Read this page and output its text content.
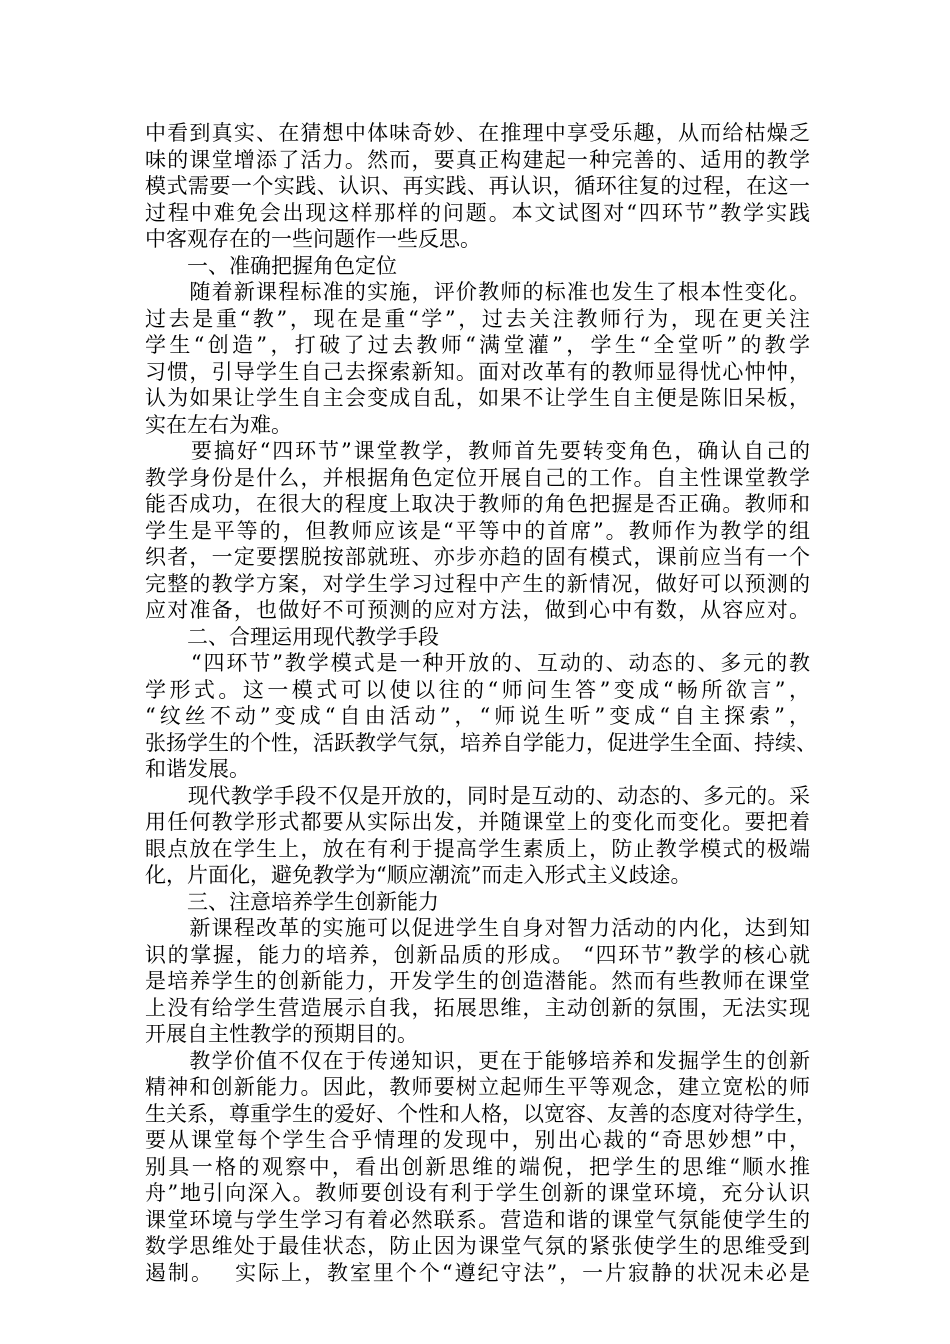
中看到真实、在猜想中体味奇妙、在推理中享受乐趣，从而给枯燥乏
味的课堂增添了活力。然而，要真正构建起一种完善的、适用的教学
模式需要一个实践、认识、再实践、再认识，循环往复的过程，在这一
过程中难免会出现这样那样的问题。本文试图对“四环节”教学实践
中客观存在的一些问题作一些反思。
　　一、准确把握角色定位
　　随着新课程标准的实施，评价教师的标准也发生了根本性变化。
过去是重“教”，现在是重“学”，过去关注教师行为，现在更关注
学生“创造”，打破了过去教师“满堂灌”，学生“全堂听”的教学
习惯，引导学生自己去探索新知。面对改革有的教师显得忧心忡忡，
认为如果让学生自主会变成自乱，如果不让学生自主便是陈旧呆板，
实在左右为难。
　　要搞好“四环节”课堂教学，教师首先要转变角色，确认自己的
教学身份是什么，并根据角色定位开展自己的工作。自主性课堂教学
能否成功，在很大的程度上取决于教师的角色把握是否正确。教师和
学生是平等的，但教师应该是“平等中的首席”。教师作为教学的组
织者，一定要摆脱按部就班、亦步亦趋的固有模式，课前应当有一个
完整的教学方案，对学生学习过程中产生的新情况，做好可以预测的
应对准备，也做好不可预测的应对方法，做到心中有数，从容应对。
　　二、合理运用现代教学手段
　　“四环节”教学模式是一种开放的、互动的、动态的、多元的教
学形式。这一模式可以使以往的“师问生答”变成“畅所欲言”，
“纹丝不动”变成“自由活动”，“师说生听”变成“自主探索”，
张扬学生的个性，活跃教学气氛，培养自学能力，促进学生全面、持续、
和谐发展。
　　现代教学手段不仅是开放的，同时是互动的、动态的、多元的。采
用任何教学形式都要从实际出发，并随课堂上的变化而变化。要把着
眼点放在学生上，放在有利于提高学生素质上，防止教学模式的极端
化，片面化，避免教学为“顺应潮流”而走入形式主义歧途。
　　三、注意培养学生创新能力
　　新课程改革的实施可以促进学生自身对智力活动的内化，达到知
识的掌握，能力的培养，创新品质的形成。 “四环节”教学的核心就
是培养学生的创新能力，开发学生的创造潜能。然而有些教师在课堂
上没有给学生营造展示自我，拓展思维，主动创新的氛围，无法实现
开展自主性教学的预期目的。
　　教学价值不仅在于传递知识，更在于能够培养和发掘学生的创新
精神和创新能力。因此，教师要树立起师生平等观念，建立宽松的师
生关系，尊重学生的爱好、个性和人格，以宽容、友善的态度对待学生，
要从课堂每个学生合乎情理的发现中，别出心裁的“奇思妙想”中，
别具一格的观察中，看出创新思维的端倪，把学生的思维“顺水推
舟”地引向深入。教师要创设有利于学生创新的课堂环境，充分认识
课堂环境与学生学习有着必然联系。营造和谐的课堂气氛能使学生的
数学思维处于最佳状态，防止因为课堂气氛的紧张使学生的思维受到
遏制。　 实际上，教室里个个“遵纪守法”，一片寂静的状况未必是
